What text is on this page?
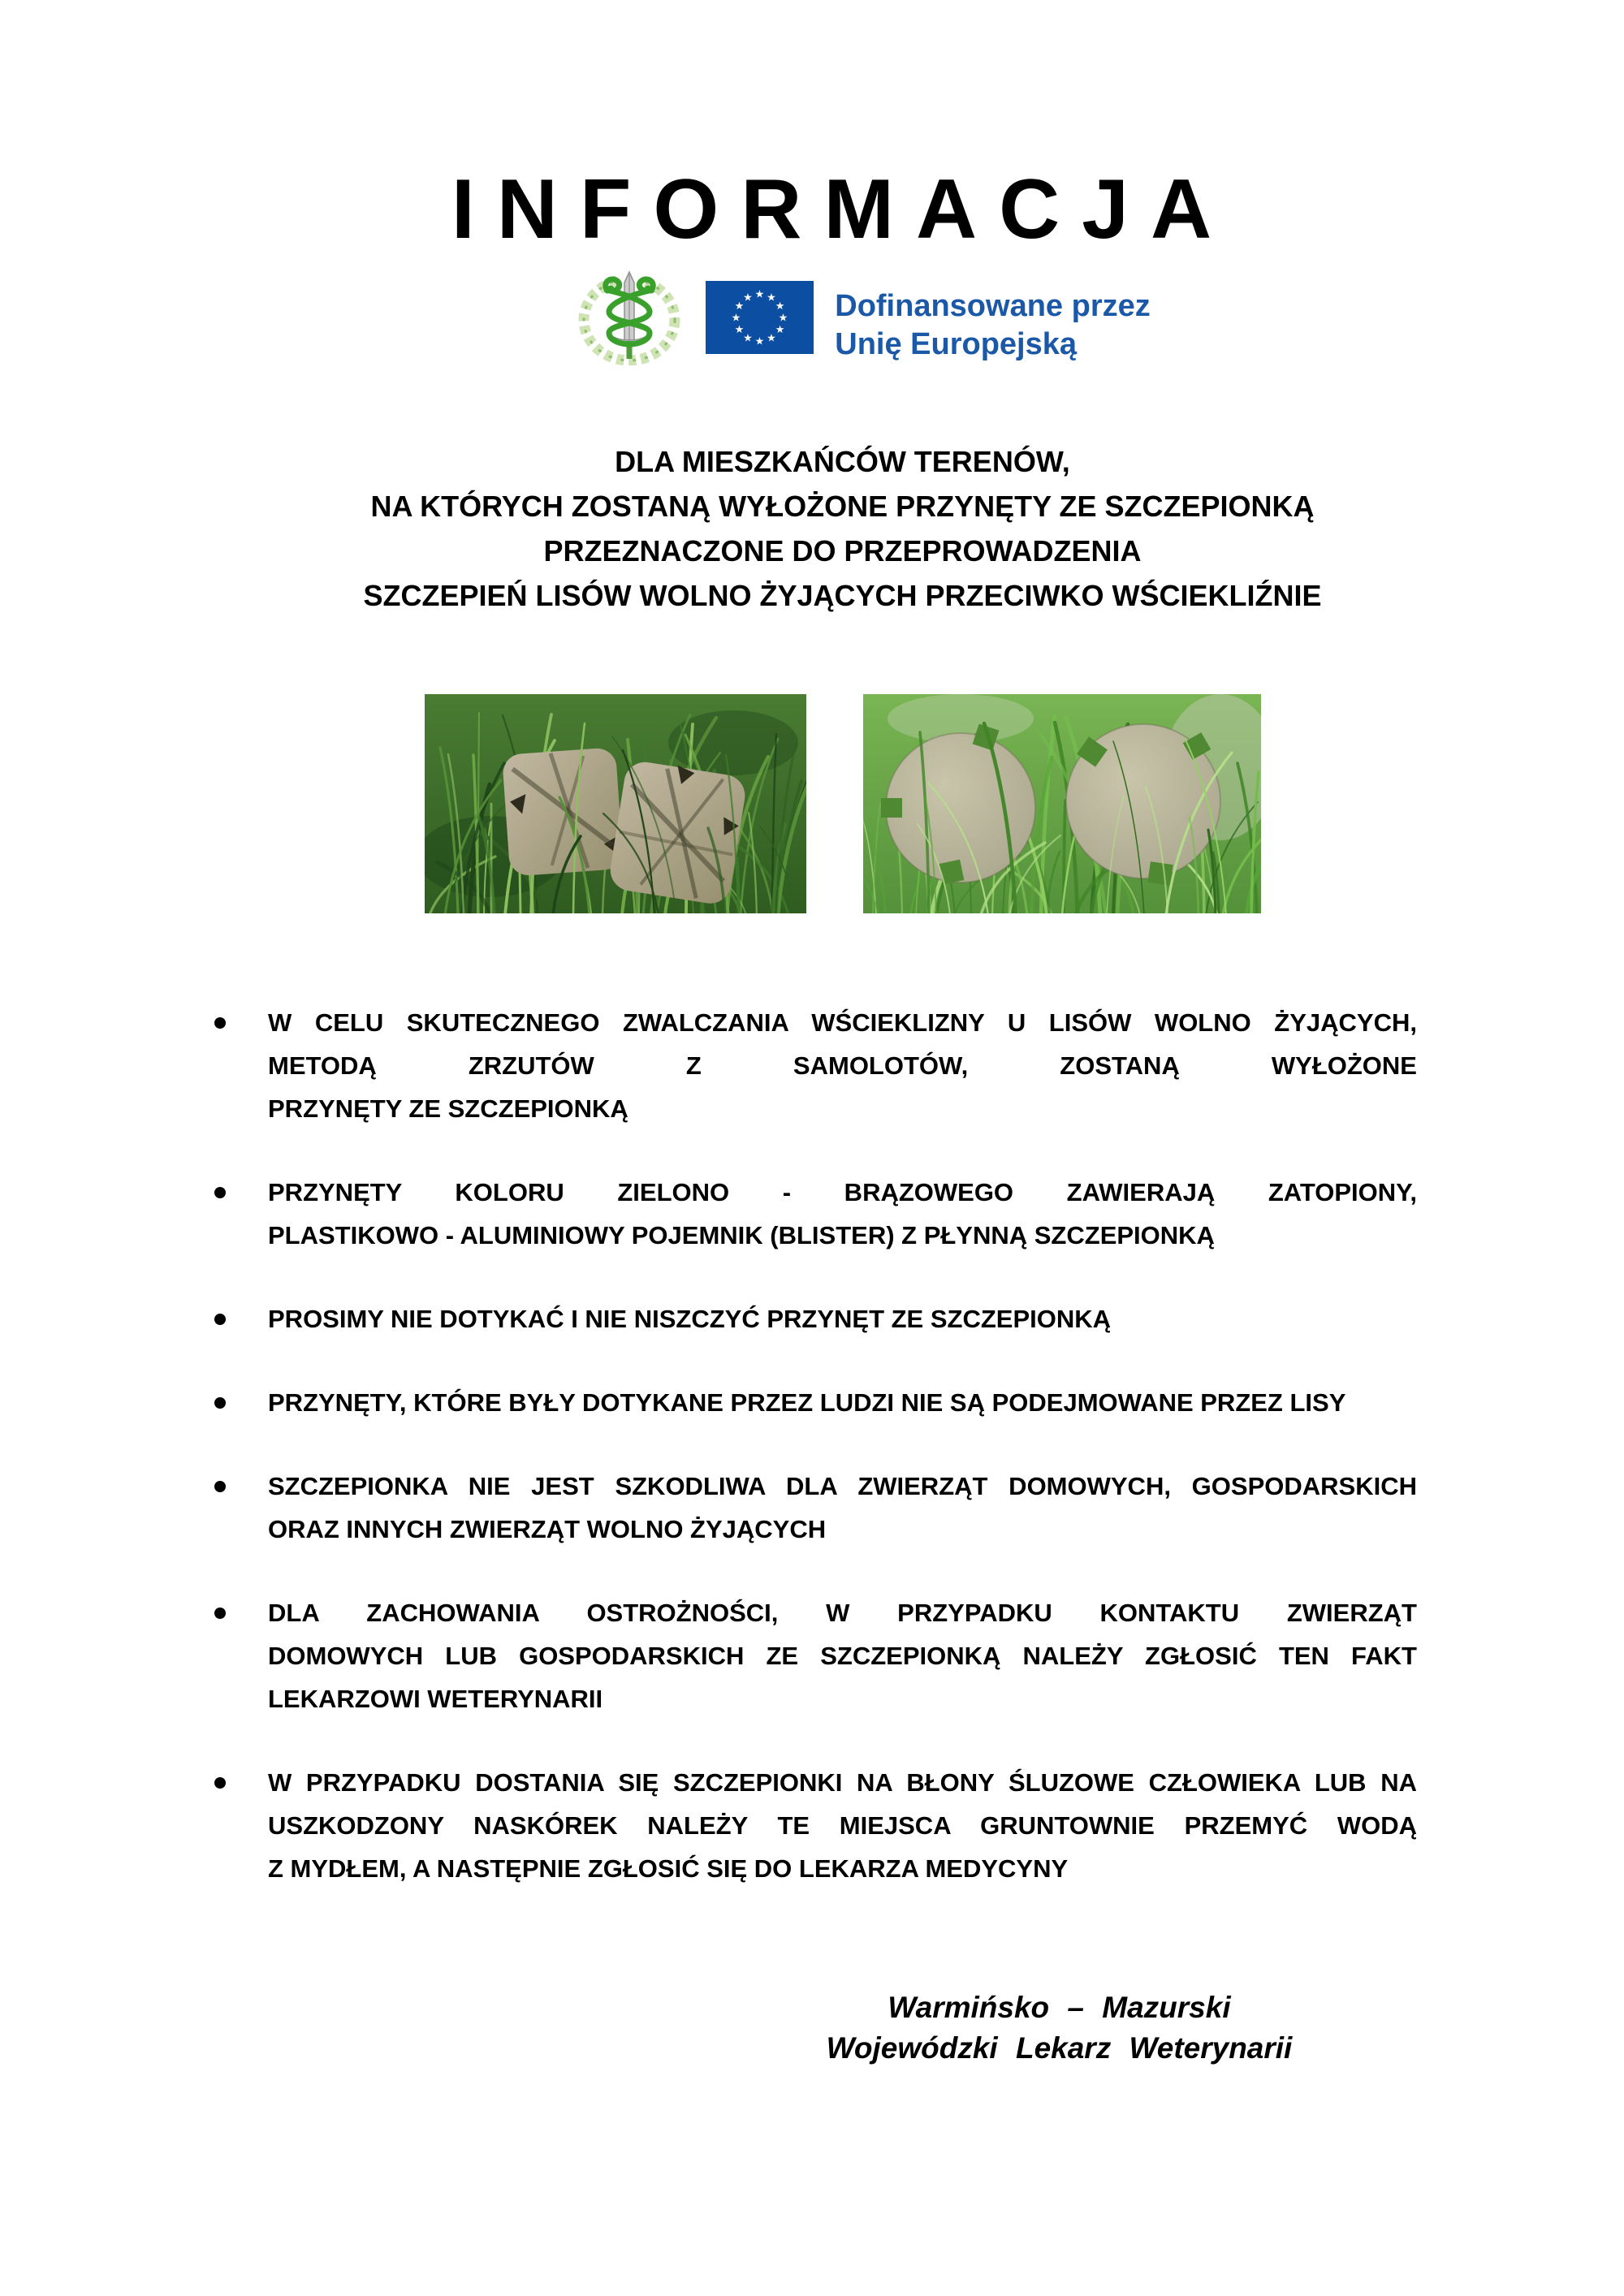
INFORMACJA
★ ★
★
★
★
★
★
★
★
★
★
★	Dofinansowane przez
Unię Europejską
DLA MIESZKAŃCÓW TERENÓW,
NA KTÓRYCH ZOSTANĄ WYŁOŻONE PRZYNĘTY ZE SZCZEPIONKĄ
PRZEZNACZONE DO PRZEPROWADZENIA
SZCZEPIEŃ LISÓW WOLNO ŻYJĄCYCH PRZECIWKO WŚCIEKLIŹNIE
W CELU SKUTECZNEGO ZWALCZANIA WŚCIEKLIZNY U LISÓW WOLNO ŻYJĄCYCH,
METODĄ ZRZUTÓW Z SAMOLOTÓW, ZOSTANĄ WYŁOŻONE
PRZYNĘTY ZE SZCZEPIONKĄ
PRZYNĘTY KOLORU ZIELONO - BRĄZOWEGO ZAWIERAJĄ ZATOPIONY,
PLASTIKOWO - ALUMINIOWY POJEMNIK (BLISTER) Z PŁYNNĄ SZCZEPIONKĄ
PROSIMY NIE DOTYKAĆ I NIE NISZCZYĆ PRZYNĘT ZE SZCZEPIONKĄ
PRZYNĘTY, KTÓRE BYŁY DOTYKANE PRZEZ LUDZI NIE SĄ PODEJMOWANE PRZEZ LISY
SZCZEPIONKA NIE JEST SZKODLIWA DLA ZWIERZĄT DOMOWYCH, GOSPODARSKICH
ORAZ INNYCH ZWIERZĄT WOLNO ŻYJĄCYCH
DLA ZACHOWANIA OSTROŻNOŚCI, W PRZYPADKU KONTAKTU ZWIERZĄT
DOMOWYCH LUB GOSPODARSKICH ZE SZCZEPIONKĄ NALEŻY ZGŁOSIĆ TEN FAKT
LEKARZOWI WETERYNARII
W PRZYPADKU DOSTANIA SIĘ SZCZEPIONKI NA BŁONY ŚLUZOWE CZŁOWIEKA LUB NA
USZKODZONY NASKÓREK NALEŻY TE MIEJSCA GRUNTOWNIE PRZEMYĆ WODĄ
Z MYDŁEM, A NASTĘPNIE ZGŁOSIĆ SIĘ DO LEKARZA MEDYCYNY
Warmińsko – Mazurski
Wojewódzki Lekarz Weterynarii
